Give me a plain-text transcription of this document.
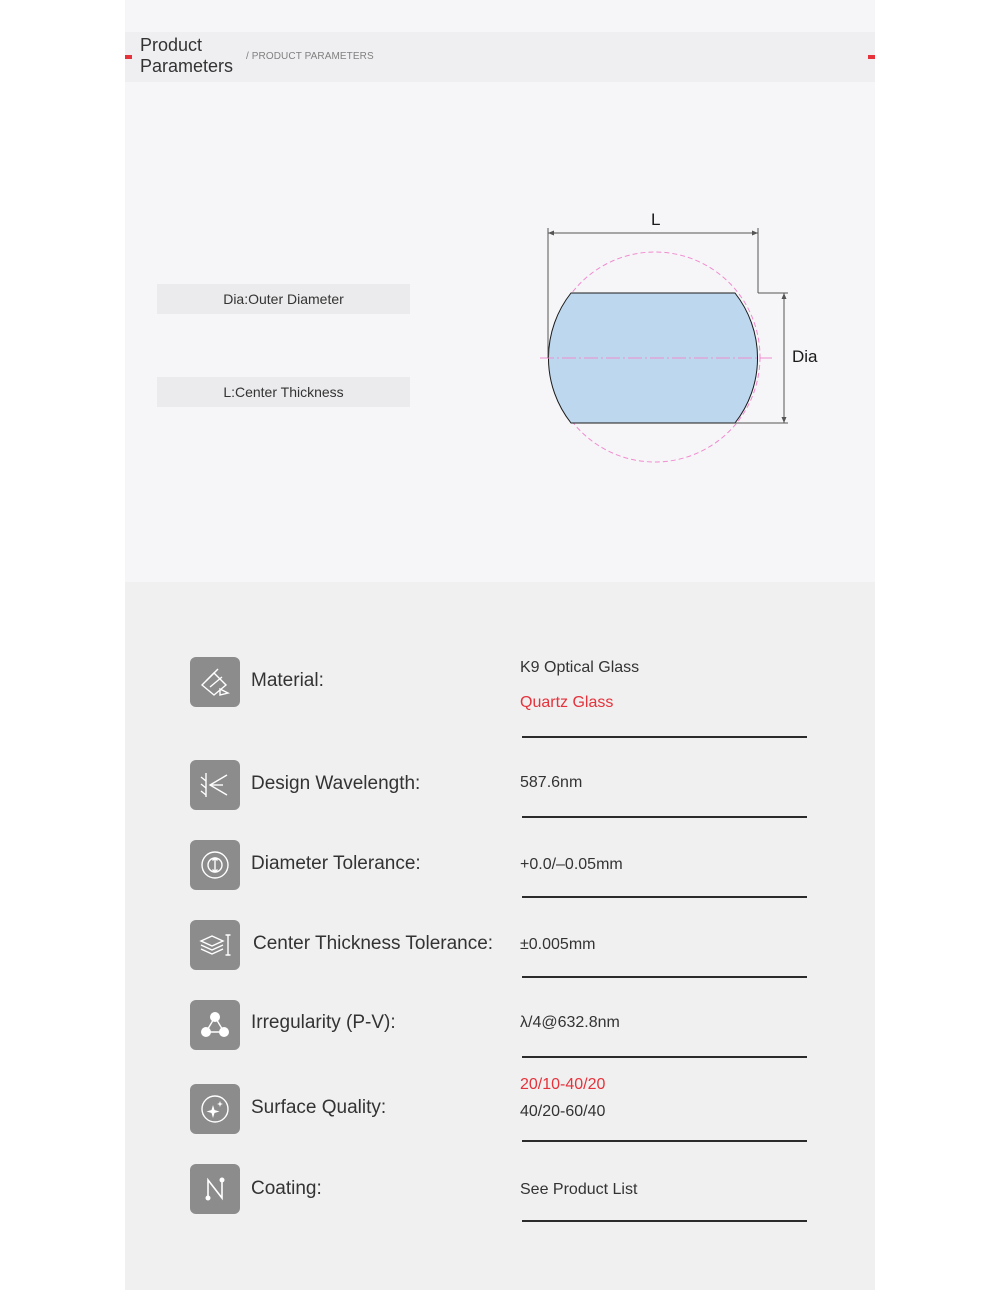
Product Parameters	/ PRODUCT PARAMETERS
Dia:Outer Diameter
L:Center Thickness
L
Dia
Material:
K9 Optical Glass
Quartz Glass
Design Wavelength:	587.6nm
Diameter Tolerance:	+0.0/–0.05mm
Center Thickness Tolerance: ±0.005mm
Irregularity (P-V):	λ/4@632.8nm
Surface Quality:
20/10-40/20
40/20-60/40
Coating:	See Product List
